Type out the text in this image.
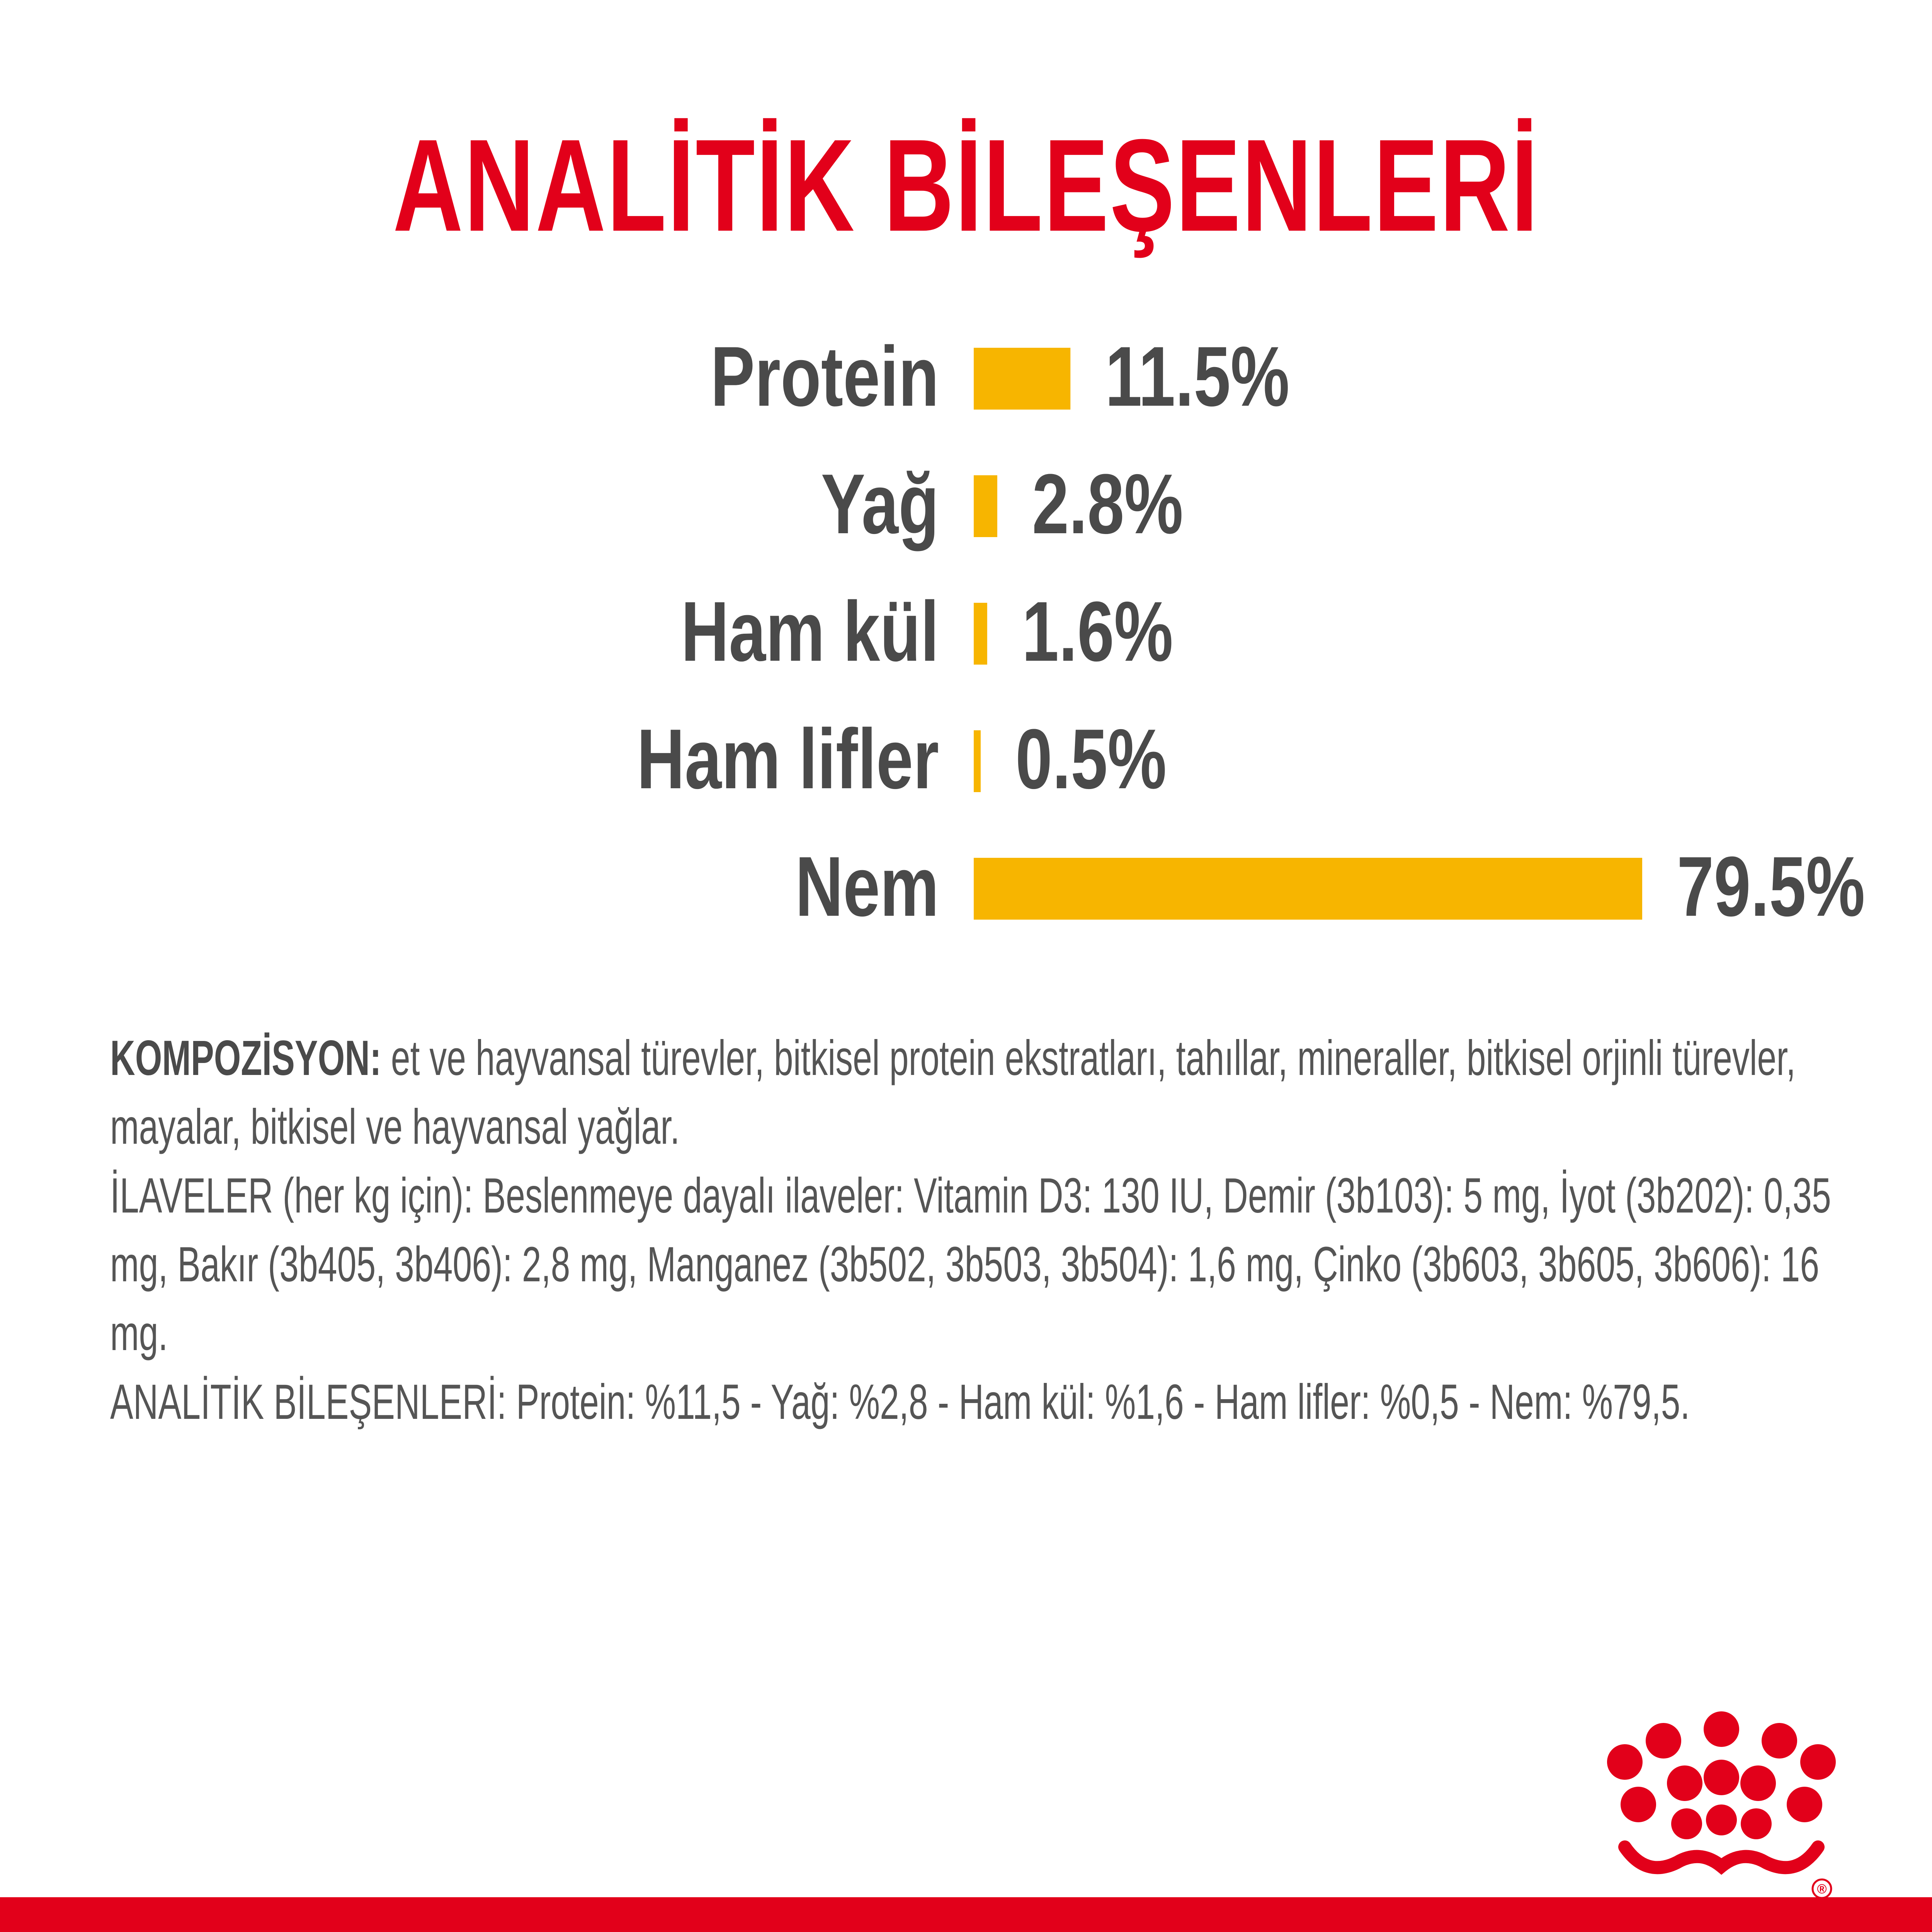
ANALİTİK BİLEŞENLERİ
Protein 11.5%
Yağ 2.8%
Ham kül 1.6%
Ham lifler 0.5%
Nem	79.5%

KOMPOZİSYON: et ve hayvansal türevler, bitkisel protein ekstratları, tahıllar, mineraller, bitkisel orjinli türevler, mayalar, bitkisel ve hayvansal yağlar.

İLAVELER (her kg için): Beslenmeye dayalı ilaveler: Vitamin D3: 130 IU, Demir (3b103): 5 mg, İyot (3b202): 0,35 mg, Bakır (3b405, 3b406): 2,8 mg, Manganez (3b502, 3b503, 3b504): 1,6 mg, Çinko (3b603, 3b605, 3b606): 16 mg.

ANALİTİK BİLEŞENLERİ: Protein: %11,5 - Yağ: %2,8 - Ham kül: %1,6 - Ham lifler: %0,5 - Nem: %79,5.

®
